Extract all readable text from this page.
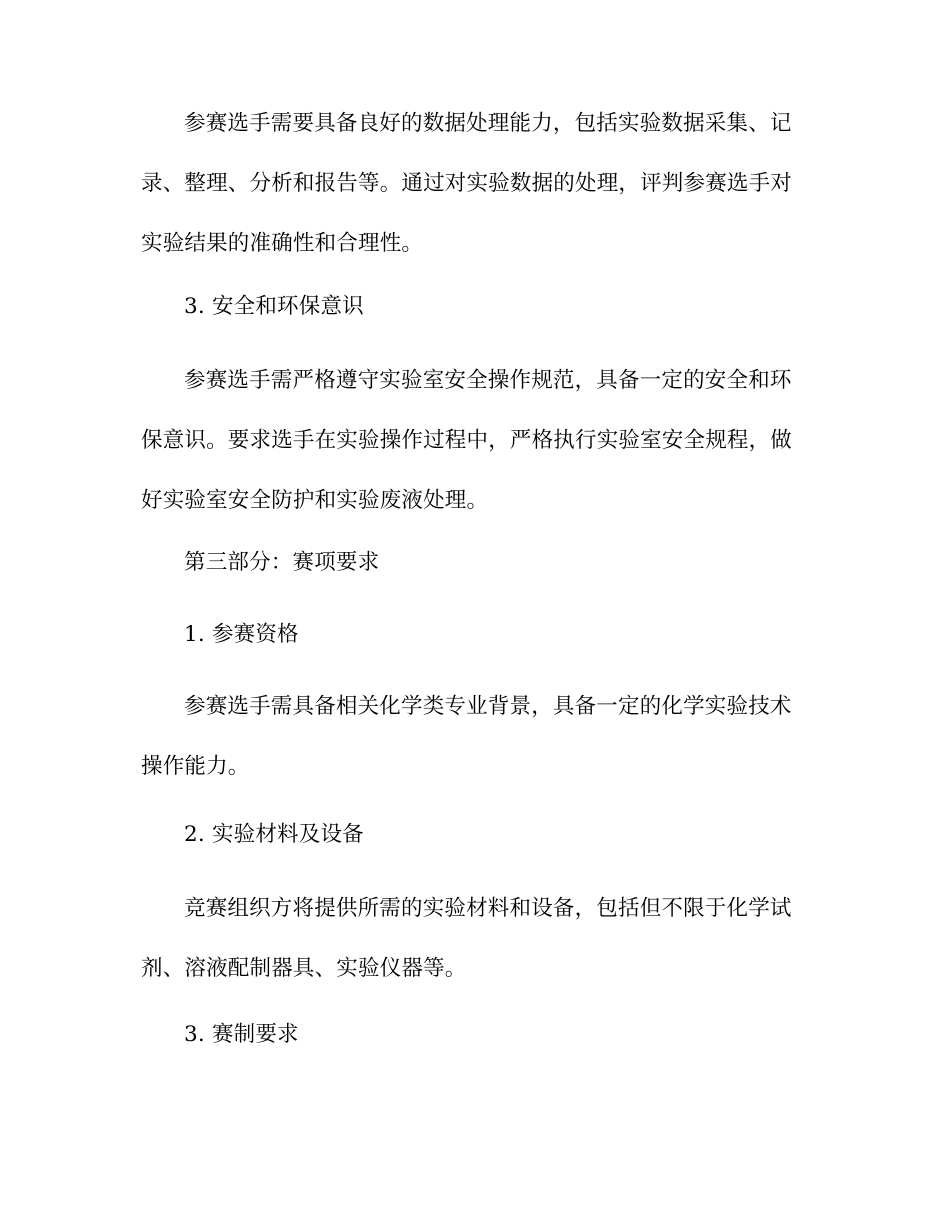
参赛选手需要具备良好的数据处理能力，包括实验数据采集、记
录、整理、分析和报告等。通过对实验数据的处理，评判参赛选手对
实验结果的准确性和合理性。
3. 安全和环保意识
参赛选手需严格遵守实验室安全操作规范，具备一定的安全和环
保意识。要求选手在实验操作过程中，严格执行实验室安全规程，做
好实验室安全防护和实验废液处理。
第三部分：赛项要求
1. 参赛资格
参赛选手需具备相关化学类专业背景，具备一定的化学实验技术
操作能力。
2. 实验材料及设备
竞赛组织方将提供所需的实验材料和设备，包括但不限于化学试
剂、溶液配制器具、实验仪器等。
3. 赛制要求
